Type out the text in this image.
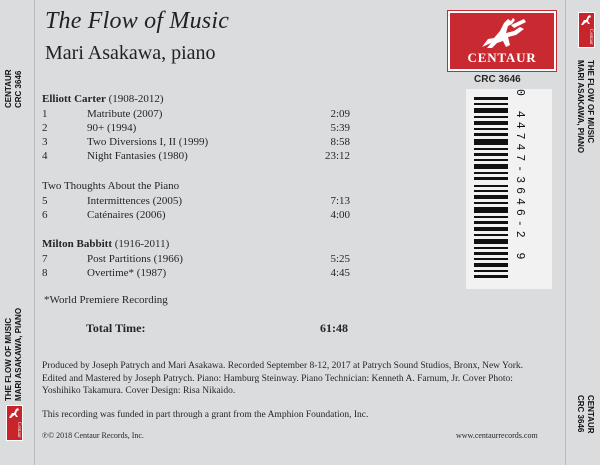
CENTAUR
CRC 3646
THE FLOW OF MUSIC
MARI ASAKAWA, PIANO
Centaur
Centaur
THE FLOW OF MUSIC
MARI ASAKAWA, PIANO
CENTAUR
CRC 3646
The Flow of Music
Mari Asakawa, piano	CENTAUR
CRC 3646
0 44747-3646-2 9
Elliott Carter (1908-2012)
1	Matribute (2007)	2:09
2	90+ (1994)	5:39
3	Two Diversions I, II (1999)	8:58
4	Night Fantasies (1980)	23:12
Two Thoughts About the Piano
5	Intermittences (2005)	7:13
6	Caténaires (2006)	4:00
Milton Babbitt (1916-2011)
7	Post Partitions (1966)	5:25
8	Overtime* (1987)	4:45
*World Premiere Recording
Total Time:	61:48
Produced by Joseph Patrych and Mari Asakawa. Recorded September 8-12, 2017 at Patrych Sound Studios, Bronx, New York. Edited and Mastered by Joseph Patrych. Piano: Hamburg Steinway. Piano Technician: Kenneth A. Farnum, Jr. Cover Photo: Yoshihiko Takamura. Cover Design: Risa Nikaido.
This recording was funded in part through a grant from the Amphion Foundation, Inc.
℗© 2018 Centaur Records, Inc.	www.centaurrecords.com
